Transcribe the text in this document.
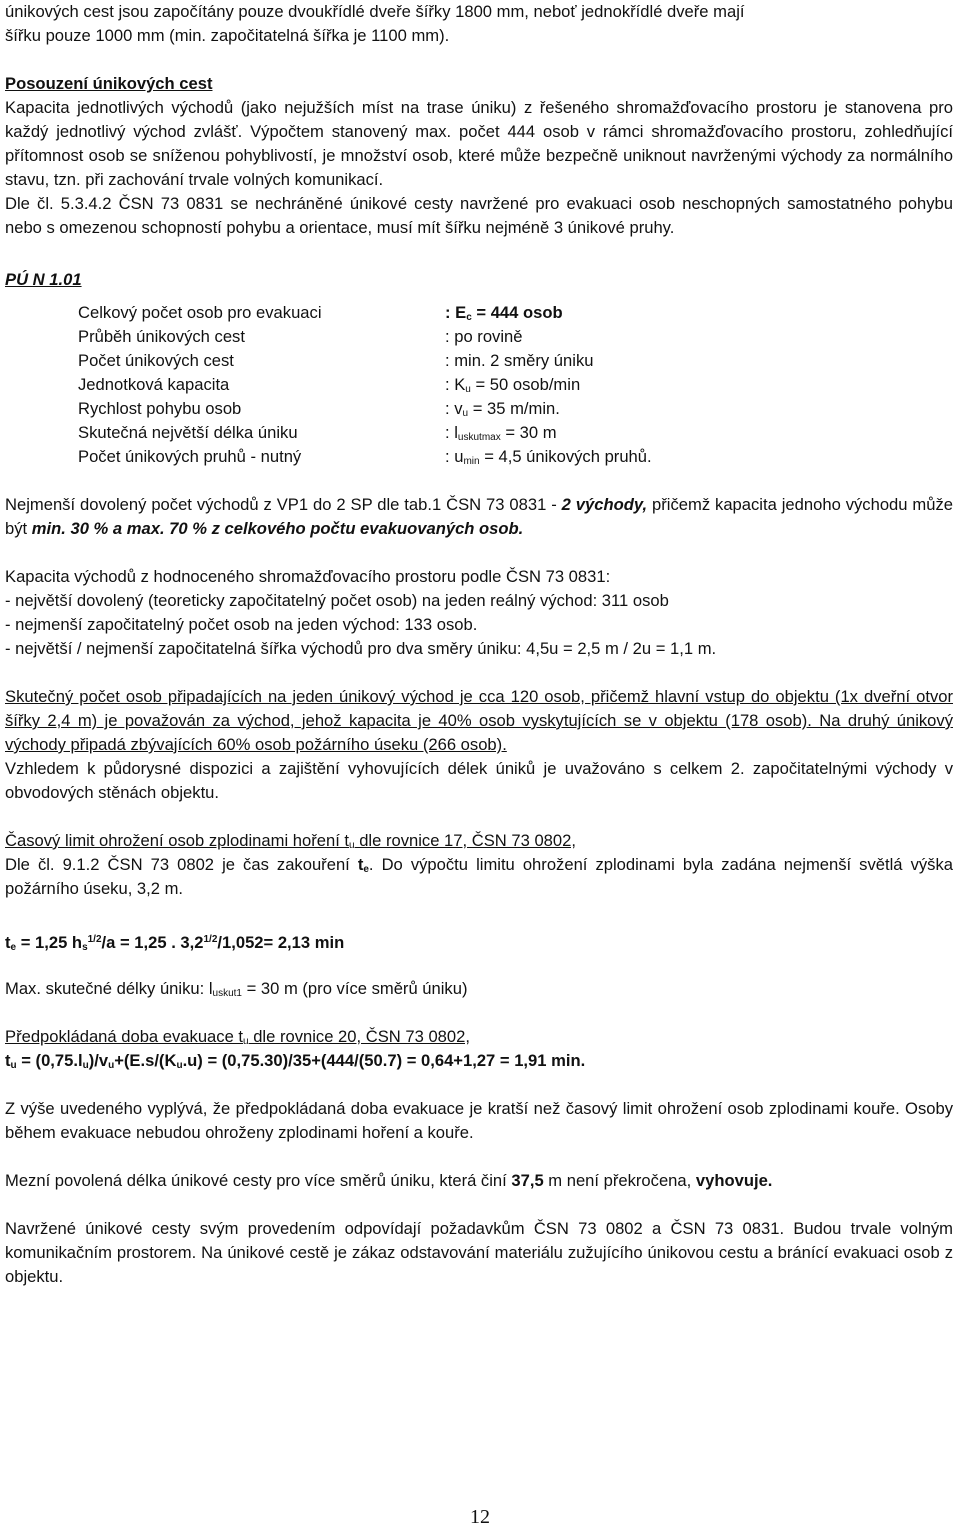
únikových cest jsou započítány pouze dvoukřídlé dveře šířky 1800 mm, neboť jednokřídlé dveře mají
šířku pouze 1000 mm (min. započitatelná šířka je 1100 mm).

Posouzení únikových cest

Kapacita jednotlivých východů (jako nejužších míst na trase úniku) z řešeného shromažďovacího prostoru je stanovena pro každý jednotlivý východ zvlášť. Výpočtem stanovený max. počet 444 osob v rámci shromažďovacího prostoru, zohledňující přítomnost osob se sníženou pohyblivostí, je množství osob, které může bezpečně uniknout navrženými východy za normálního stavu, tzn. při zachování trvale volných komunikací.

Dle čl. 5.3.4.2 ČSN 73 0831 se nechráněné únikové cesty navržené pro evakuaci osob neschopných samostatného pohybu nebo s omezenou schopností pohybu a orientace, musí mít šířku nejméně 3 únikové pruhy.

PÚ N 1.01

Celkový počet osob pro evakuaci	: $E_c = 444$ osob
Průběh únikových cest	: po rovině
Počet únikových cest	: min. 2 směry úniku
Jednotková kapacita	: $K_u = 50$ osob/min
Rychlost pohybu osob	: $v_u = 35$ m/min.
Skutečná největší délka úniku	: $l_{uskutmax} = 30$ m
Počet únikových pruhů - nutný	: $u_{min} = 4,5$ únikových pruhů.

Nejmenší dovolený počet východů z VP1 do 2 SP dle tab.1 ČSN 73 0831 - 2 východy, přičemž kapacita jednoho východu může být min. 30 % a max. 70 % z celkového počtu evakuovaných osob.

Kapacita východů z hodnoceného shromažďovacího prostoru podle ČSN 73 0831:
- největší dovolený (teoreticky započitatelný počet osob) na jeden reálný východ: 311 osob
- nejmenší započitatelný počet osob na jeden východ: 133 osob.
- největší / nejmenší započitatelná šířka východů pro dva směry úniku: 4,5u = 2,5 m / 2u = 1,1 m.

Skutečný počet osob připadajících na jeden únikový východ je cca 120 osob, přičemž hlavní vstup do objektu (1x dveřní otvor šířky 2,4 m) je považován za východ, jehož kapacita je 40% osob vyskytujících se v objektu (178 osob). Na druhý únikový východy připadá zbývajících 60% osob požárního úseku (266 osob).

Vzhledem k půdorysné dispozici a zajištění vyhovujících délek úniků je uvažováno s celkem 2. započitatelnými východy v obvodových stěnách objektu.

Časový limit ohrožení osob zplodinami hoření $t_u$ dle rovnice 17, ČSN 73 0802,

Dle čl. 9.1.2 ČSN 73 0802 je čas zakouření $t_e$. Do výpočtu limitu ohrožení zplodinami byla zadána nejmenší světlá výška požárního úseku, 3,2 m.

$t_e = 1,25$ $h_s^{1/2}/a = 1,25$ . $3,2^{1/2}/1,052= 2,13$ min

Max. skutečné délky úniku: $l_{uskut1} = 30$ m (pro více směrů úniku)

Předpokládaná doba evakuace $t_u$ dle rovnice 20, ČSN 73 0802,

$t_u = (0,75.l_u)/v_u+(E.s/(K_u.u) = (0,75.30)/35+(444/(50.7) = 0,64+1,27 = 1,91$ min.

Z výše uvedeného vyplývá, že předpokládaná doba evakuace je kratší než časový limit ohrožení osob zplodinami kouře. Osoby během evakuace nebudou ohroženy zplodinami hoření a kouře.

Mezní povolená délka únikové cesty pro více směrů úniku, která činí 37,5 m není překročena, vyhovuje.

Navržené únikové cesty svým provedením odpovídají požadavkům ČSN 73 0802 a ČSN 73 0831. Budou trvale volným komunikačním prostorem. Na únikové cestě je zákaz odstavování materiálu zužujícího únikovou cestu a bránící evakuaci osob z objektu.

12
